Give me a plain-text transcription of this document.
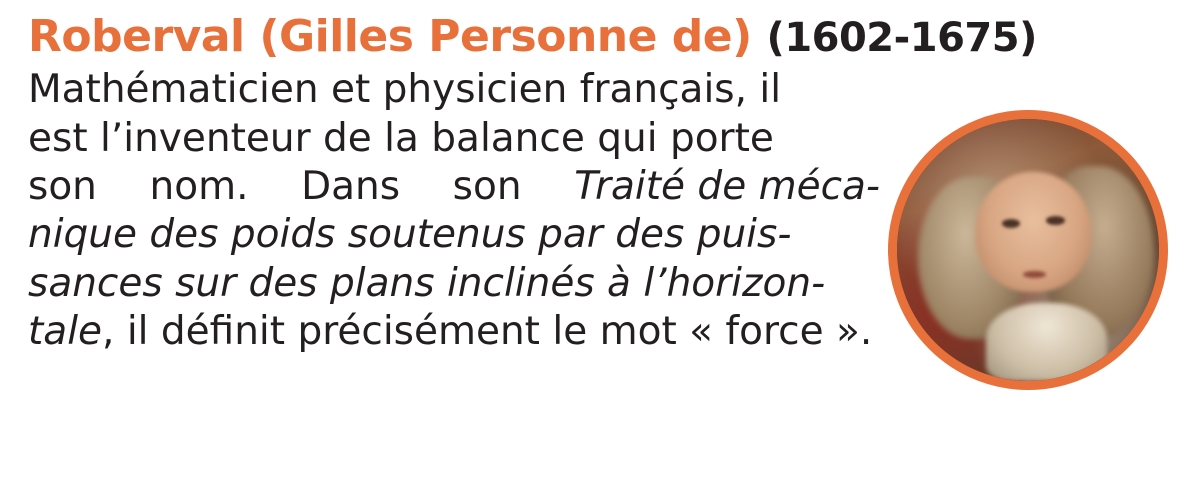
Roberval (Gilles Personne de) (1602-1675)

Mathématicien et physicien français, il
est l’inventeur de la balance qui porte
son nom. Dans son Traité de méca-
nique des poids soutenus par des puis-
sances sur des plans inclinés à l’horizon-
tale, il définit précisément le mot « force ».
